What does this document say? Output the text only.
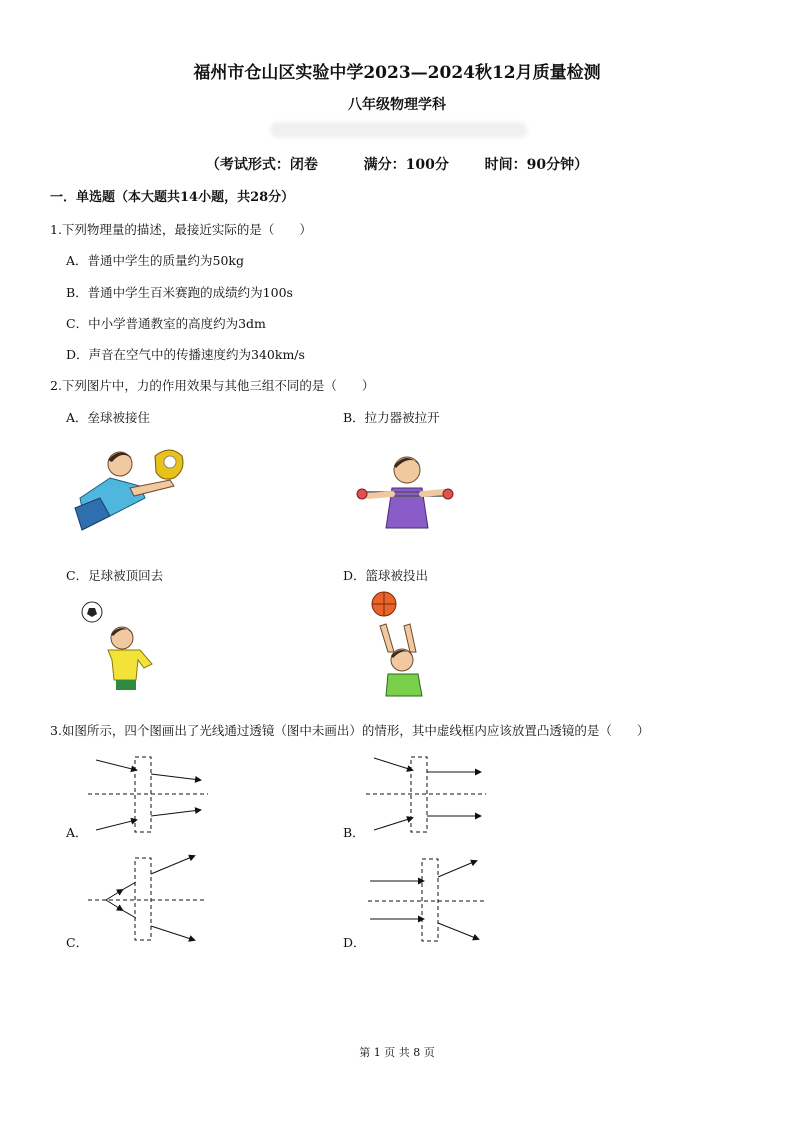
福州市仓山区实验中学2023—2024秋12月质量检测
八年级物理学科
（考试形式：闭卷	满分：100分	时间：90分钟）
一．单选题（本大题共14小题，共28分）
1.下列物理量的描述，最接近实际的是（　　）
A．普通中学生的质量约为50kg
B．普通中学生百米赛跑的成绩约为100s
C．中小学普通教室的高度约为3dm
D．声音在空气中的传播速度约为340km/s
2.下列图片中，力的作用效果与其他三组不同的是（　　）
A．垒球被接住	B．拉力器被拉开
C．足球被顶回去	D．篮球被投出
3.如图所示，四个图画出了光线通过透镜（图中未画出）的情形，其中虚线框内应该放置凸透镜的是（　　）
A．	B．
C．	D．
第 1 页 共 8 页
